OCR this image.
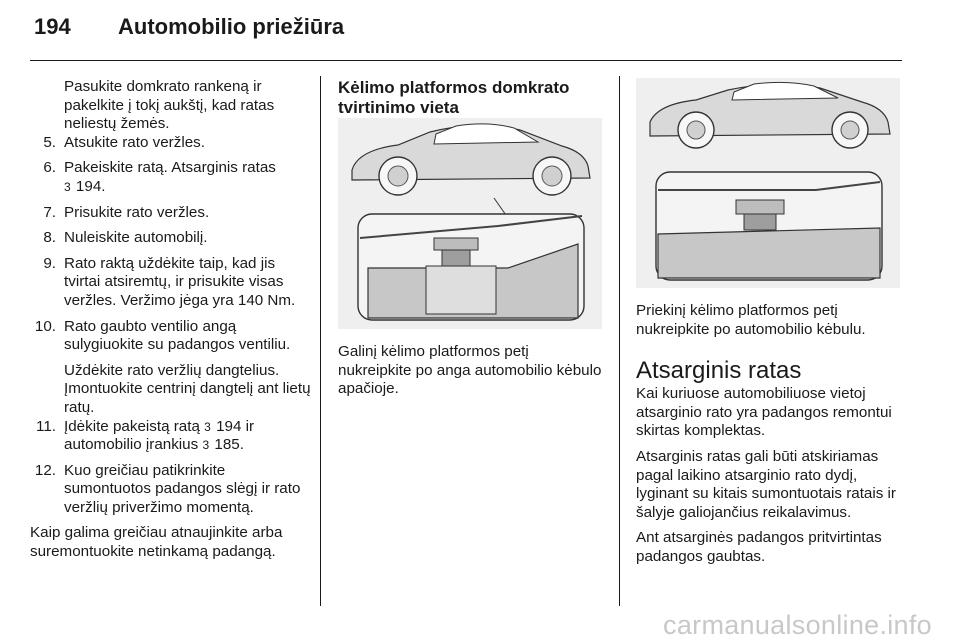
194 Automobilio priežiūra

Pasukite domkrato rankeną ir pakelkite į tokį aukštį, kad ratas neliestų žemės.

5. Atsukite rato veržles.
6. Pakeiskite ratą. Atsarginis ratas
3 194.
7. Prisukite rato veržles.
8. Nuleiskite automobilį.
9. Rato raktą uždėkite taip, kad jis tvirtai atsiremtų, ir prisukite visas veržles. Veržimo jėga yra 140 Nm.
10. Rato gaubto ventilio angą sulygiuokite su padangos ventiliu.

Uždėkite rato veržlių dangtelius.

Įmontuokite centrinį dangtelį ant lietų ratų.

11. Įdėkite pakeistą ratą 3 194 ir automobilio įrankius 3 185.
12. Kuo greičiau patikrinkite sumontuotos padangos slėgį ir rato veržlių priveržimo momentą.

Kaip galima greičiau atnaujinkite arba suremontuokite netinkamą padangą.

Kėlimo platformos domkrato tvirtinimo vieta

Galinį kėlimo platformos petį nukreipkite po anga automobilio kėbulo apačioje.

Priekinį kėlimo platformos petį nukreipkite po automobilio kėbulu.

Atsarginis ratas

Kai kuriuose automobiliuose vietoj atsarginio rato yra padangos remontui skirtas komplektas.

Atsarginis ratas gali būti atskiriamas pagal laikino atsarginio rato dydį, lyginant su kitais sumontuotais ratais ir šalyje galiojančius reikalavimus.

Ant atsarginės padangos pritvirtintas padangos gaubtas.

carmanualsonline.info
